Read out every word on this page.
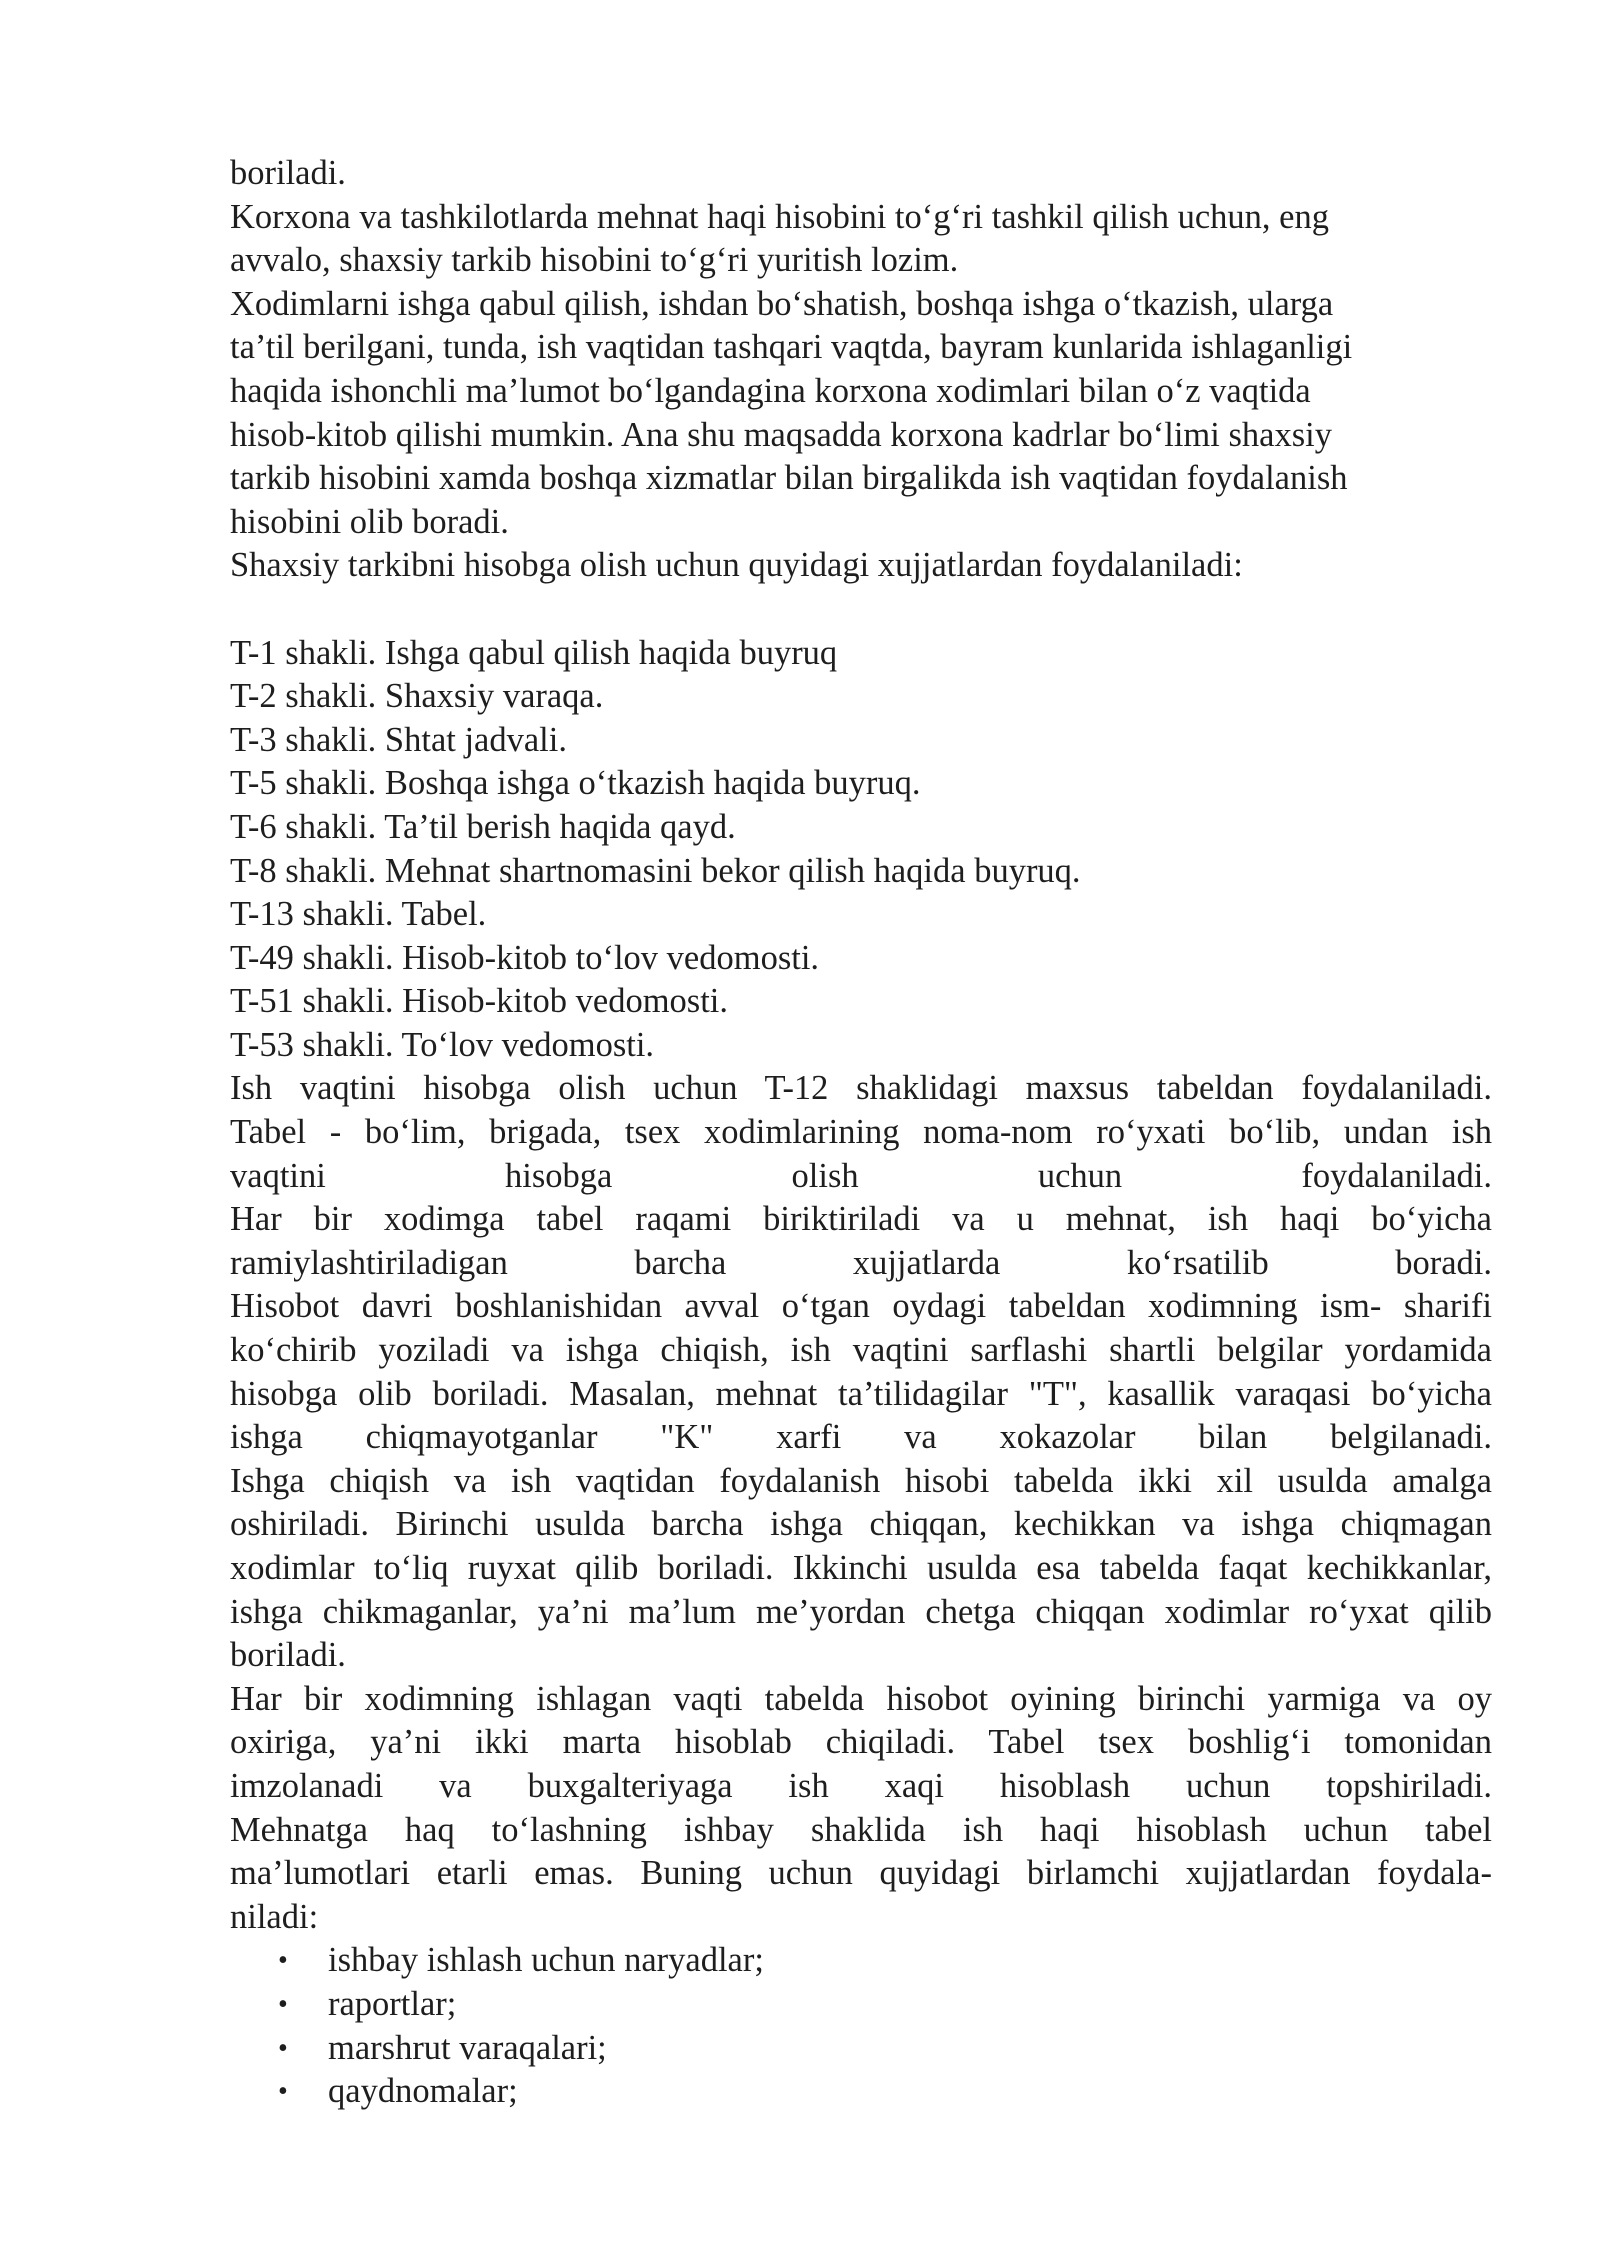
boriladi.
Korxona va tashkilotlarda mehnat haqi hisobini to‘g‘ri tashkil qilish uchun, eng
avvalo, shaxsiy tarkib hisobini to‘g‘ri yuritish lozim.
Xodimlarni ishga qabul qilish, ishdan bo‘shatish, boshqa ishga o‘tkazish, ularga
ta’til berilgani, tunda, ish vaqtidan tashqari vaqtda, bayram kunlarida ishlaganligi
haqida ishonchli ma’lumot bo‘lgandagina korxona xodimlari bilan o‘z vaqtida
hisob-kitob qilishi mumkin. Ana shu maqsadda korxona kadrlar bo‘limi shaxsiy
tarkib hisobini xamda boshqa xizmatlar bilan birgalikda ish vaqtidan foydalanish
hisobini olib boradi.
Shaxsiy tarkibni hisobga olish uchun quyidagi xujjatlardan foydalaniladi:
T-1 shakli. Ishga qabul qilish haqida buyruq
T-2 shakli. Shaxsiy varaqa.
T-3 shakli. Shtat jadvali.
T-5 shakli. Boshqa ishga o‘tkazish haqida buyruq.
T-6 shakli. Ta’til berish haqida qayd.
T-8 shakli. Mehnat shartnomasini bekor qilish haqida buyruq.
T-13 shakli. Tabel.
T-49 shakli. Hisob-kitob to‘lov vedomosti.
T-51 shakli. Hisob-kitob vedomosti.
T-53 shakli. To‘lov vedomosti.
Ish vaqtini hisobga olish uchun T-12 shaklidagi maxsus tabeldan foydalaniladi.
Tabel - bo‘lim, brigada, tsex xodimlarining noma-nom ro‘yxati bo‘lib, undan ish
vaqtini hisobga olish uchun foydalaniladi.
Har bir xodimga tabel raqami biriktiriladi va u mehnat, ish haqi bo‘yicha
ramiylashtiriladigan barcha xujjatlarda ko‘rsatilib boradi.
Hisobot davri boshlanishidan avval o‘tgan oydagi tabeldan xodimning ism- sharifi
ko‘chirib yoziladi va ishga chiqish, ish vaqtini sarflashi shartli belgilar yordamida
hisobga olib boriladi. Masalan, mehnat ta’tilidagilar "T", kasallik varaqasi bo‘yicha
ishga chiqmayotganlar "K" xarfi va xokazolar bilan belgilanadi.
Ishga chiqish va ish vaqtidan foydalanish hisobi tabelda ikki xil usulda amalga
oshiriladi. Birinchi usulda barcha ishga chiqqan, kechikkan va ishga chiqmagan
xodimlar to‘liq ruyxat qilib boriladi. Ikkinchi usulda esa tabelda faqat kechikkanlar,
ishga chikmaganlar, ya’ni ma’lum me’yordan chetga chiqqan xodimlar ro‘yxat qilib
boriladi.
Har bir xodimning ishlagan vaqti tabelda hisobot oyining birinchi yarmiga va oy
oxiriga, ya’ni ikki marta hisoblab chiqiladi. Tabel tsex boshlig‘i tomonidan
imzolanadi va buxgalteriyaga ish xaqi hisoblash uchun topshiriladi.
Mehnatga haq to‘lashning ishbay shaklida ish haqi hisoblash uchun tabel
ma’lumotlari etarli emas. Buning uchun quyidagi birlamchi xujjatlardan foydala-
niladi:
• ishbay ishlash uchun naryadlar;
• raportlar;
• marshrut varaqalari;
• qaydnomalar;
